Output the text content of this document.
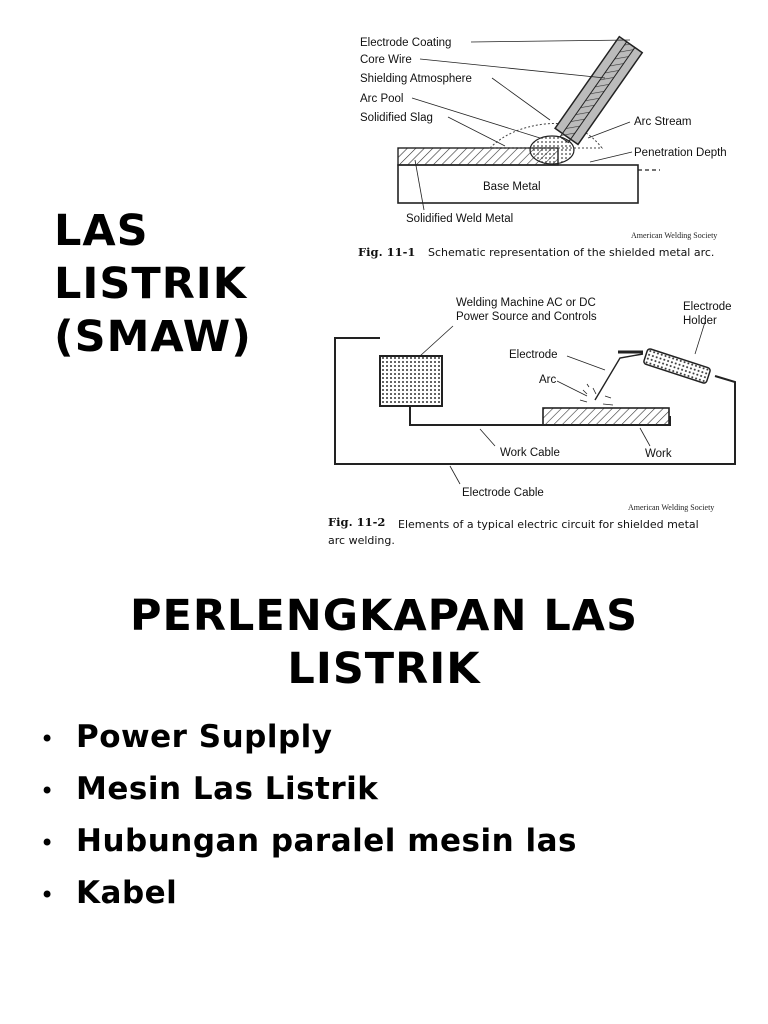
LAS
LISTRIK
(SMAW)
Electrode Coating
Core Wire
Shielding Atmosphere
Arc Pool
Solidified Slag	Arc Stream
Penetration Depth
Base Metal
Solidified Weld Metal
American Welding Society
Fig. 11-1 Schematic representation of the shielded metal arc.
Welding Machine AC or DC
Power Source and Controls
Electrode
Holder
Electrode
Arc
Work Cable	Work
Electrode Cable
American Welding Society
Fig. 11-2 Elements of a typical electric circuit for shielded metal
arc welding.
PERLENGKAPAN LAS
LISTRIK
• Power Suplply
• Mesin Las Listrik
• Hubungan paralel mesin las
• Kabel
